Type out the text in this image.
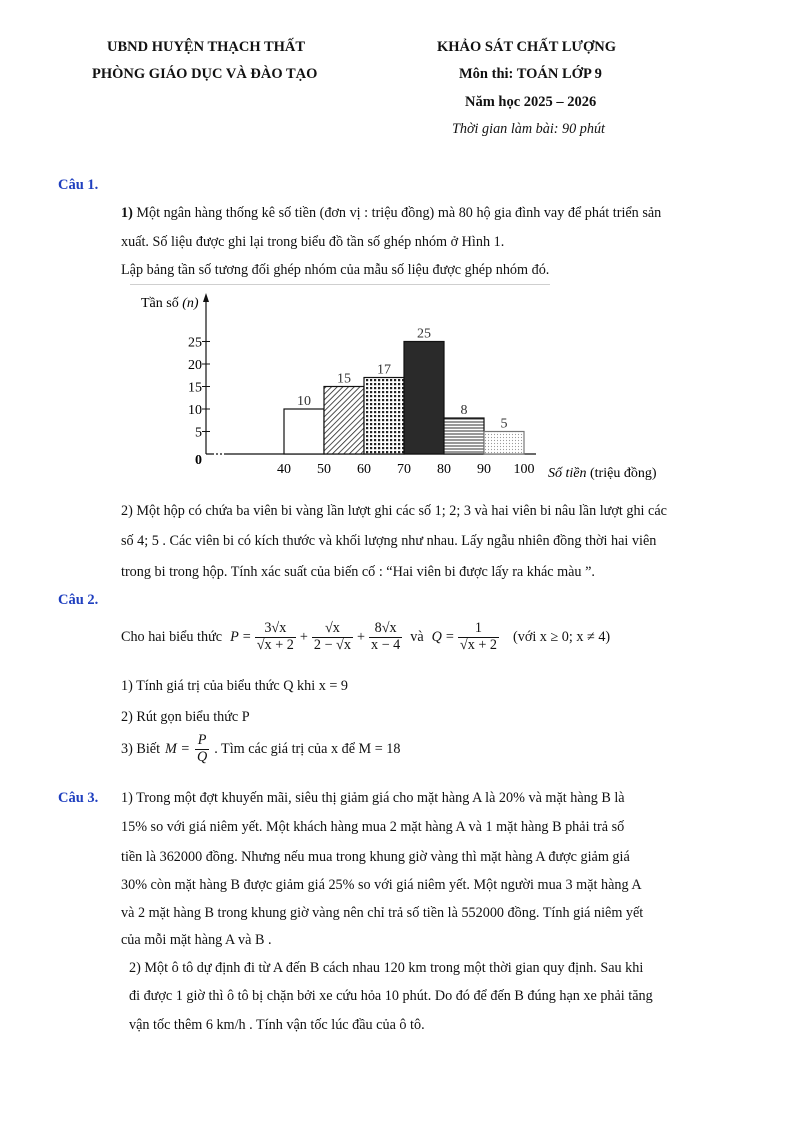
UBND HUYỆN THẠCH THẤT
PHÒNG GIÁO DỤC VÀ ĐÀO TẠO
KHẢO SÁT CHẤT LƯỢNG
Môn thi: TOÁN LỚP 9
Năm học 2025 – 2026
Thời gian làm bài: 90 phút
Câu 1.
1) Một ngân hàng thống kê số tiền (đơn vị : triệu đồng) mà 80 hộ gia đình vay để phát triển sản
xuất. Số liệu được ghi lại trong biểu đồ tần số ghép nhóm ở Hình 1.
Lập bảng tần số tương đối ghép nhóm của mẫu số liệu được ghép nhóm đó.
Tần số (n)
Số tiền (triệu đồng)
0
5
10
15
20
25
10
15
17
25
8
5
40 50 60 70 80 90 100
2) Một hộp có chứa ba viên bi vàng lần lượt ghi các số 1; 2; 3 và hai viên bi nâu lần lượt ghi các
số 4; 5 . Các viên bi có kích thước và khối lượng như nhau. Lấy ngẫu nhiên đồng thời hai viên
trong bi trong hộp. Tính xác suất của biến cố : “Hai viên bi được lấy ra khác màu ”.
Câu 2.
Cho hai biểu thức $P = \frac{3√x}{√x + 2} + \frac{√x}{2 - √x} + \frac{8√x}{x - 4}$ và $Q = \frac{1}{√x + 2}$ (với x ≥ 0; x ≠ 4)
1) Tính giá trị của biểu thức Q khi x = 9
2) Rút gọn biểu thức P
3) Biết $M = \frac{P}{Q}$ . Tìm các giá trị của x để M = 18
Câu 3. 1) Trong một đợt khuyến mãi, siêu thị giảm giá cho mặt hàng A là 20% và mặt hàng B là
15% so với giá niêm yết. Một khách hàng mua 2 mặt hàng A và 1 mặt hàng B phải trả số
tiền là 362000 đồng. Nhưng nếu mua trong khung giờ vàng thì mặt hàng A được giảm giá
30% còn mặt hàng B được giảm giá 25% so với giá niêm yết. Một người mua 3 mặt hàng A
và 2 mặt hàng B trong khung giờ vàng nên chỉ trả số tiền là 552000 đồng. Tính giá niêm yết
của mỗi mặt hàng A và B .
2) Một ô tô dự định đi từ A đến B cách nhau 120 km trong một thời gian quy định. Sau khi
đi được 1 giờ thì ô tô bị chặn bởi xe cứu hỏa 10 phút. Do đó để đến B đúng hạn xe phải tăng
vận tốc thêm 6 km/h . Tính vận tốc lúc đầu của ô tô.
